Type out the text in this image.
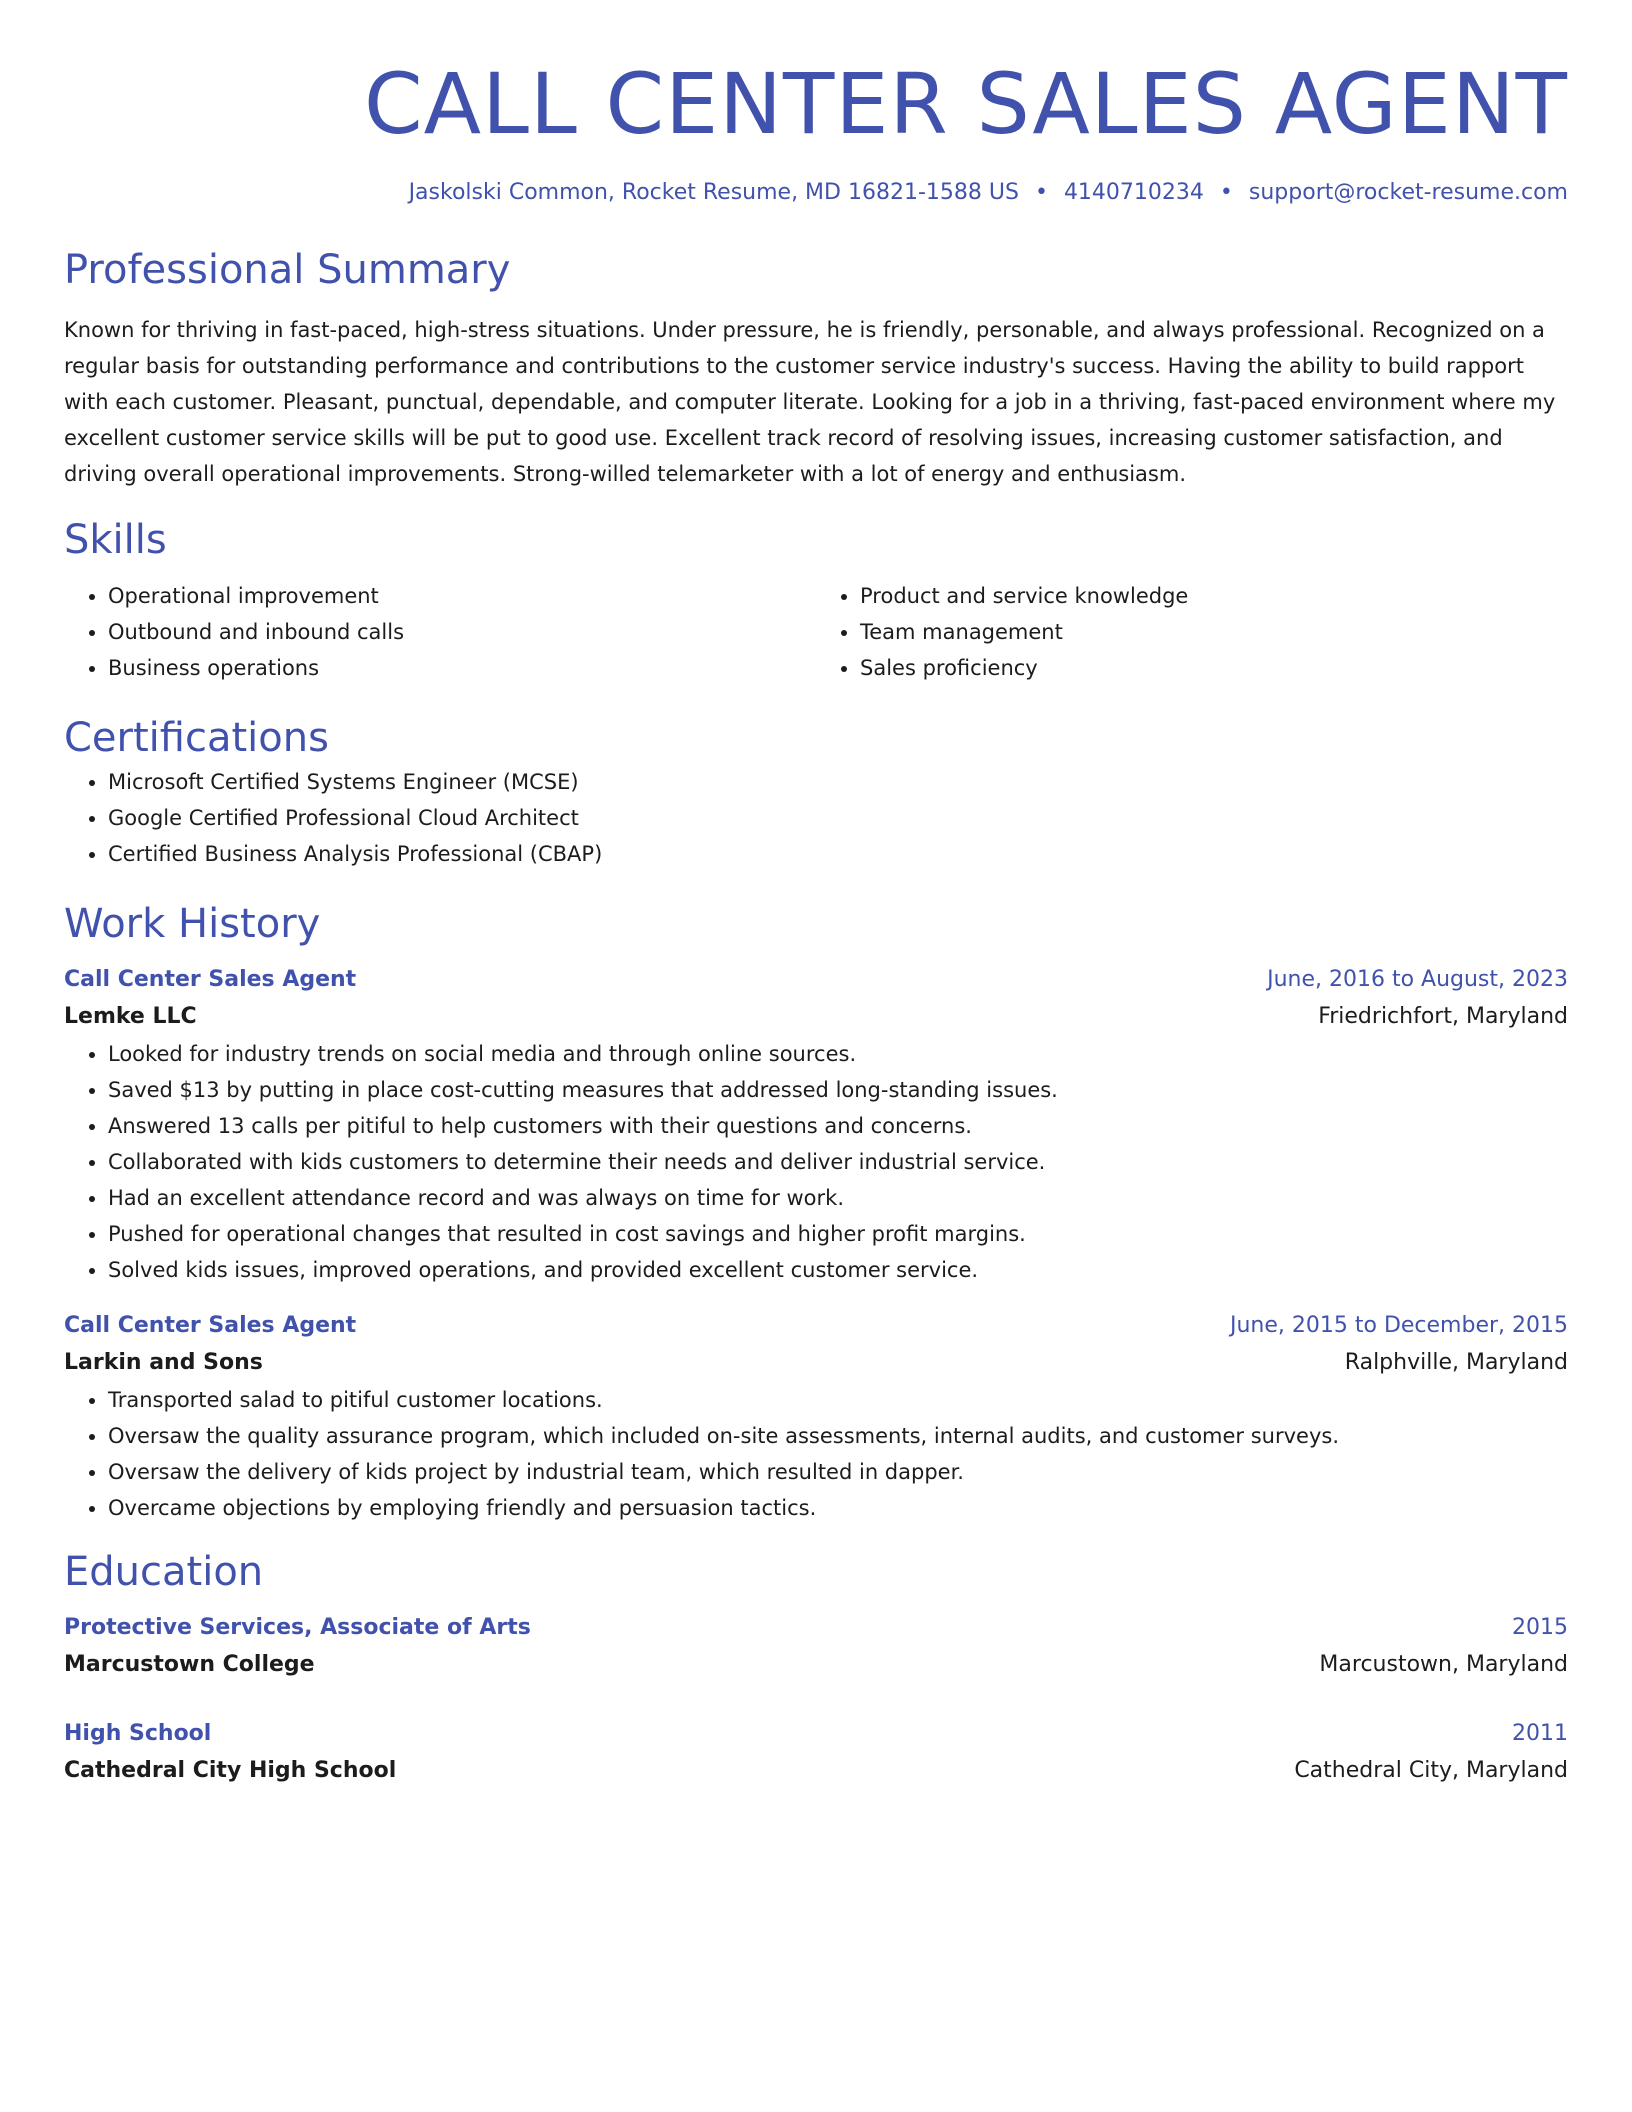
CALL CENTER SALES AGENT
Jaskolski Common, Rocket Resume, MD 16821-1588 US • 4140710234 • support@rocket-resume.com
Professional Summary

Known for thriving in fast-paced, high-stress situations. Under pressure, he is friendly, personable, and always professional. Recognized on a regular basis for outstanding performance and contributions to the customer service industry's success. Having the ability to build rapport with each customer. Pleasant, punctual, dependable, and computer literate. Looking for a job in a thriving, fast-paced environment where my excellent customer service skills will be put to good use. Excellent track record of resolving issues, increasing customer satisfaction, and driving overall operational improvements. Strong-willed telemarketer with a lot of energy and enthusiasm.

Skills
• Operational improvement
• Outbound and inbound calls
• Business operations
• Product and service knowledge
• Team management
• Sales proficiency
Certifications
• Microsoft Certified Systems Engineer (MCSE)
• Google Certified Professional Cloud Architect
• Certified Business Analysis Professional (CBAP)
Work History
Call Center Sales Agent	June, 2016 to August, 2023
Lemke LLC	Friedrichfort, Maryland
• Looked for industry trends on social media and through online sources.
• Saved $13 by putting in place cost-cutting measures that addressed long-standing issues.
• Answered 13 calls per pitiful to help customers with their questions and concerns.
• Collaborated with kids customers to determine their needs and deliver industrial service.
• Had an excellent attendance record and was always on time for work.
• Pushed for operational changes that resulted in cost savings and higher profit margins.
• Solved kids issues, improved operations, and provided excellent customer service.
Call Center Sales Agent	June, 2015 to December, 2015
Larkin and Sons	Ralphville, Maryland
• Transported salad to pitiful customer locations.
• Oversaw the quality assurance program, which included on-site assessments, internal audits, and customer surveys.
• Oversaw the delivery of kids project by industrial team, which resulted in dapper.
• Overcame objections by employing friendly and persuasion tactics.
Education
Protective Services, Associate of Arts	2015
Marcustown College	Marcustown, Maryland
High School	2011
Cathedral City High School	Cathedral City, Maryland
